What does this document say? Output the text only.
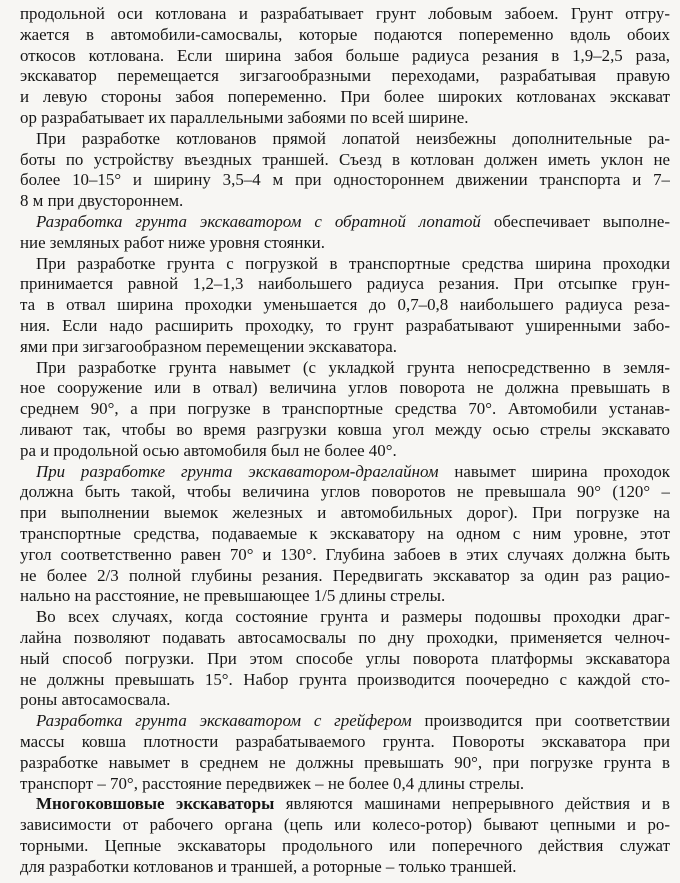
продольной оси котлована и разрабатывает грунт лобовым забоем. Грунт отгру-
жается в автомобили-самосвалы, которые подаются попеременно вдоль обоих
откосов котлована. Если ширина забоя больше радиуса резания в 1,9–2,5 раза,
экскаватор перемещается зигзагообразными переходами, разрабатывая правую
и левую стороны забоя попеременно. При более широких котлованах экскават
ор разрабатывает их параллельными забоями по всей ширине.
При разработке котлованов прямой лопатой неизбежны дополнительные ра-
боты по устройству въездных траншей. Съезд в котлован должен иметь уклон не
более 10–15° и ширину 3,5–4 м при одностороннем движении транспорта и 7–
8 м при двустороннем.
Разработка грунта экскаватором с обратной лопатой обеспечивает выполне-
ние земляных работ ниже уровня стоянки.
При разработке грунта с погрузкой в транспортные средства ширина проходки
принимается равной 1,2–1,3 наибольшего радиуса резания. При отсыпке грун-
та в отвал ширина проходки уменьшается до 0,7–0,8 наибольшего радиуса реза-
ния. Если надо расширить проходку, то грунт разрабатывают уширенными забо-
ями при зигзагообразном перемещении экскаватора.
При разработке грунта навымет (с укладкой грунта непосредственно в земля-
ное сооружение или в отвал) величина углов поворота не должна превышать в
среднем 90°, а при погрузке в транспортные средства 70°. Автомобили устанав-
ливают так, чтобы во время разгрузки ковша угол между осью стрелы экскавато
ра и продольной осью автомобиля был не более 40°.
При разработке грунта экскаватором-драглайном навымет ширина проходок
должна быть такой, чтобы величина углов поворотов не превышала 90° (120° –
при выполнении выемок железных и автомобильных дорог). При погрузке на
транспортные средства, подаваемые к экскаватору на одном с ним уровне, этот
угол соответственно равен 70° и 130°. Глубина забоев в этих случаях должна быть
не более 2/3 полной глубины резания. Передвигать экскаватор за один раз рацио-
нально на расстояние, не превышающее 1/5 длины стрелы.
Во всех случаях, когда состояние грунта и размеры подошвы проходки драг-
лайна позволяют подавать автосамосвалы по дну проходки, применяется челноч-
ный способ погрузки. При этом способе углы поворота платформы экскаватора
не должны превышать 15°. Набор грунта производится поочередно с каждой сто-
роны автосамосвала.
Разработка грунта экскаватором с грейфером производится при соответствии
массы ковша плотности разрабатываемого грунта. Повороты экскаватора при
разработке навымет в среднем не должны превышать 90°, при погрузке грунта в
транспорт – 70°, расстояние передвижек – не более 0,4 длины стрелы.
Многоковшовые экскаваторы являются машинами непрерывного действия и в
зависимости от рабочего органа (цепь или колесо-ротор) бывают цепными и ро-
торными. Цепные экскаваторы продольного или поперечного действия служат
для разработки котлованов и траншей, а роторные – только траншей.
